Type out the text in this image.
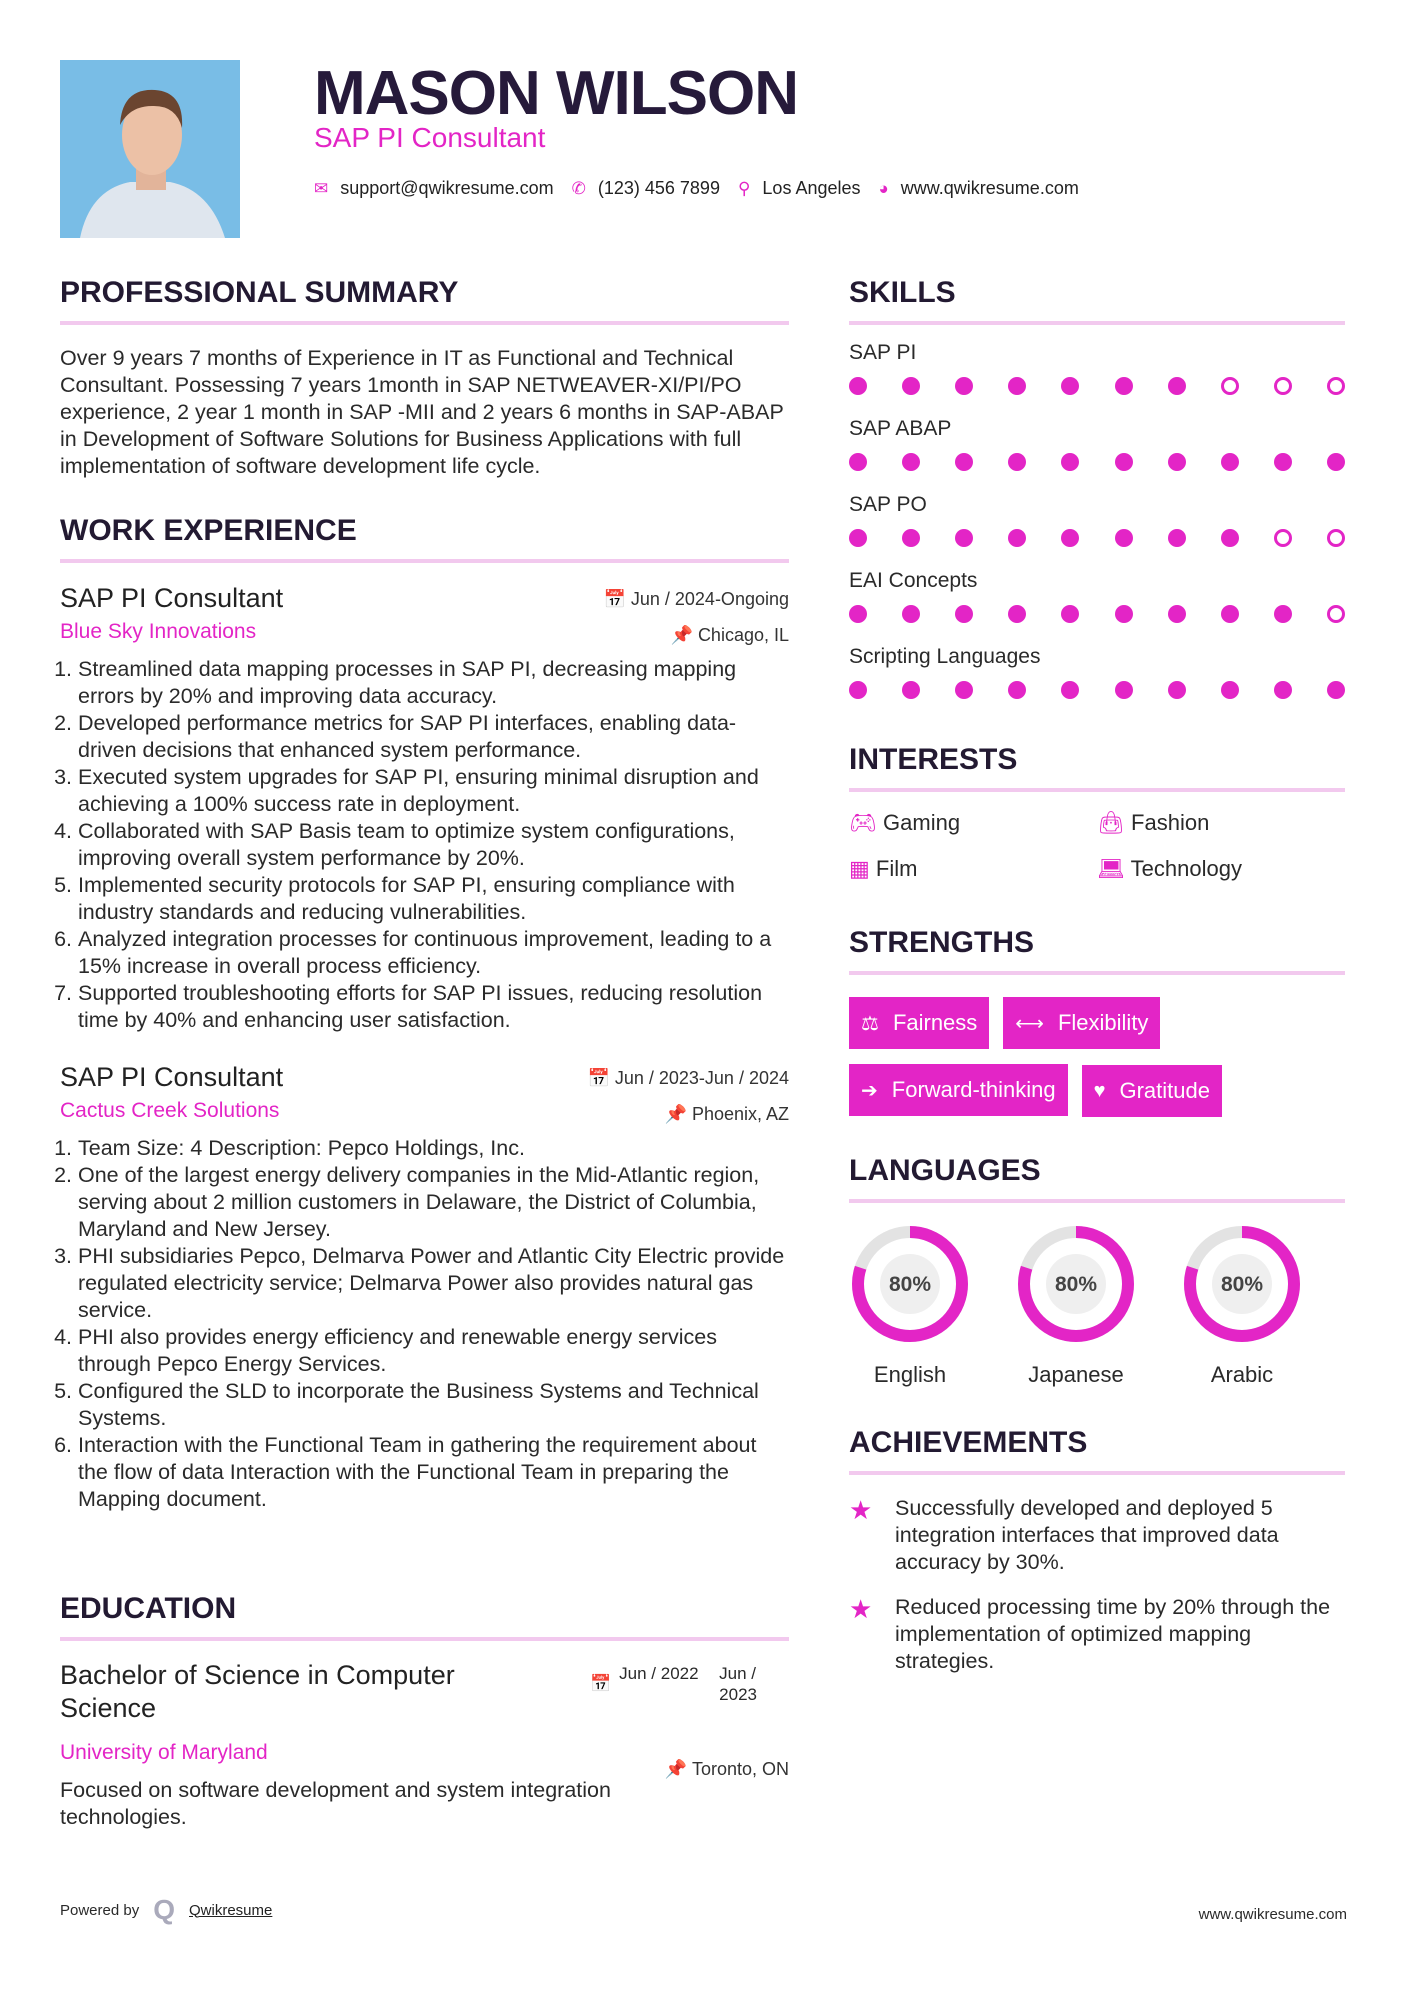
MASON WILSON
SAP PI Consultant
✉ support@qwikresume.com ✆ (123) 456 7899 ⚲ Los Angeles ◕ www.qwikresume.com
PROFESSIONAL SUMMARY
Over 9 years 7 months of Experience in IT as Functional and Technical Consultant. Possessing 7 years 1month in SAP NETWEAVER-XI/PI/PO experience, 2 year 1 month in SAP -MII and 2 years 6 months in SAP-ABAP in Development of Software Solutions for Business Applications with full implementation of software development life cycle.
WORK EXPERIENCE
SAP PI Consultant	📅 Jun / 2024-Ongoing
Blue Sky Innovations	📌 Chicago, IL
1. Streamlined data mapping processes in SAP PI, decreasing mapping errors by 20% and improving data accuracy.
2. Developed performance metrics for SAP PI interfaces, enabling data-driven decisions that enhanced system performance.
3. Executed system upgrades for SAP PI, ensuring minimal disruption and achieving a 100% success rate in deployment.
4. Collaborated with SAP Basis team to optimize system configurations, improving overall system performance by 20%.
5. Implemented security protocols for SAP PI, ensuring compliance with industry standards and reducing vulnerabilities.
6. Analyzed integration processes for continuous improvement, leading to a 15% increase in overall process efficiency.
7. Supported troubleshooting efforts for SAP PI issues, reducing resolution time by 40% and enhancing user satisfaction.
SAP PI Consultant	📅 Jun / 2023-Jun / 2024
Cactus Creek Solutions	📌 Phoenix, AZ
1. Team Size: 4 Description: Pepco Holdings, Inc.
2. One of the largest energy delivery companies in the Mid-Atlantic region, serving about 2 million customers in Delaware, the District of Columbia, Maryland and New Jersey.
3. PHI subsidiaries Pepco, Delmarva Power and Atlantic City Electric provide regulated electricity service; Delmarva Power also provides natural gas service.
4. PHI also provides energy efficiency and renewable energy services through Pepco Energy Services.
5. Configured the SLD to incorporate the Business Systems and Technical Systems.
6. Interaction with the Functional Team in gathering the requirement about the flow of data Interaction with the Functional Team in preparing the Mapping document.
EDUCATION
Bachelor of Science in Computer Science
📅
Jun / 2022	Jun / 2023
University of Maryland
📌 Toronto, ON
Focused on software development and system integration technologies.
SKILLS
SAP PI
SAP ABAP
SAP PO
EAI Concepts
Scripting Languages
INTERESTS
🎮︎ Gaming	👜︎ Fashion
▦ Film	💻︎ Technology
STRENGTHS
⚖ Fairness ⟷ Flexibility
➔ Forward-thinking ♥ Gratitude
LANGUAGES
80%
English
80%
Japanese
80%
Arabic
ACHIEVEMENTS
★	Successfully developed and deployed 5 integration interfaces that improved data accuracy by 30%.
★	Reduced processing time by 20% through the implementation of optimized mapping strategies.
Powered by Q Qwikresume	www.qwikresume.com
